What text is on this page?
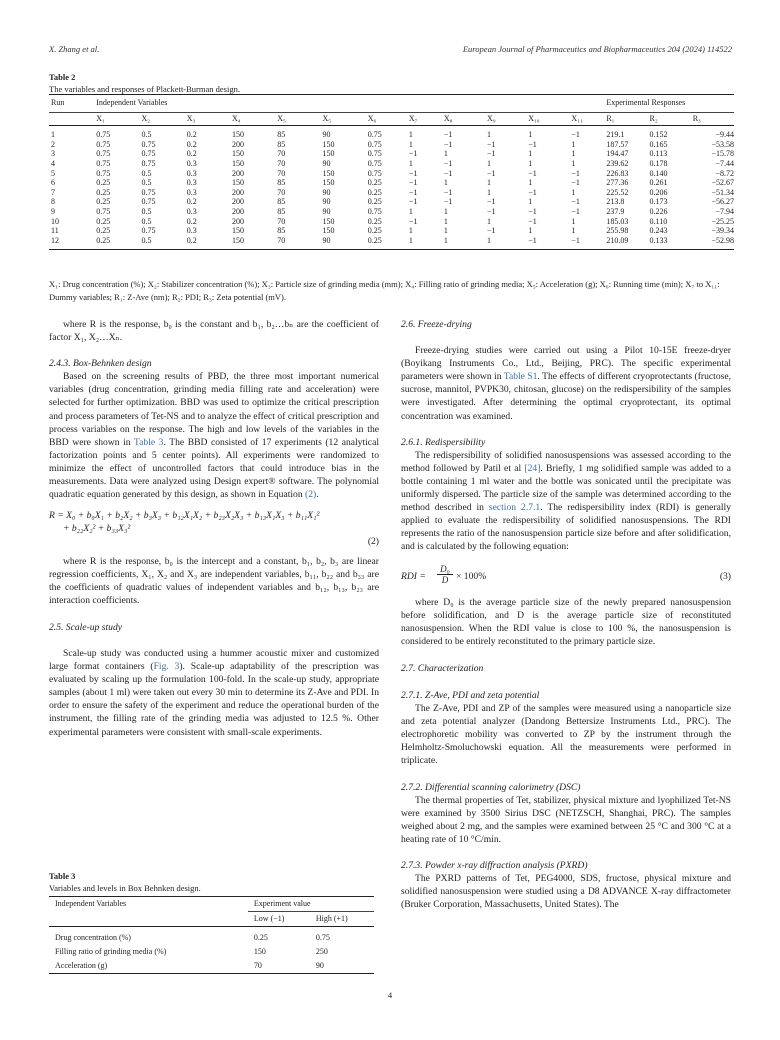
X. Zhang et al.	European Journal of Pharmaceutics and Biopharmaceutics 204 (2024) 114522
Table 2
The variables and responses of Plackett-Burman design.
Run	Independent Variables												Experimental Responses		
	X₁	X₂	X₃	X₄	X₅	X₅	X₆	X₇	X₈	X₉	X₁₀	X₁₁	R₁	R₂	R₃
1	0.75	0.5	0.2	150	85	90	0.75	1	−1	1	1	−1	219.1	0.152	−9.44
2	0.75	0.75	0.2	200	85	150	0.75	1	−1	−1	−1	1	187.57	0.165	−53.58
3	0.75	0.75	0.2	150	70	150	0.75	−1	1	−1	1	1	194.47	0.113	−15.78
4	0.75	0.75	0.3	150	70	90	0.75	1	−1	1	1	1	239.62	0.178	−7.44
5	0.75	0.5	0.3	200	70	150	0.75	−1	−1	−1	−1	−1	226.83	0.140	−8.72
6	0.25	0.5	0.3	150	85	150	0.25	−1	1	1	1	−1	277.36	0.261	−52.67
7	0.25	0.75	0.3	200	70	90	0.25	−1	−1	1	−1	1	225.52	0.206	−51.34
8	0.25	0.75	0.2	200	85	90	0.25	−1	−1	−1	1	−1	213.8	0.173	−56.27
9	0.75	0.5	0.3	200	85	90	0.75	1	1	−1	−1	−1	237.9	0.226	−7.94
10	0.25	0.5	0.2	200	70	150	0.25	−1	1	1	−1	1	185.03	0.110	−25.25
11	0.25	0.75	0.3	150	85	150	0.25	1	1	−1	1	1	255.98	0.243	−39.34
12	0.25	0.5	0.2	150	70	90	0.25	1	1	1	−1	−1	210.09	0.133	−52.98
X₁: Drug concentration (%); X₂: Stabilizer concentration (%); X₃: Particle size of grinding media (mm); X₄: Filling ratio of grinding media; X₅: Acceleration (g); X₆: Running time (min); X₇ to X₁₁: Dummy variables; R₁: Z-Ave (nm); R₂: PDI; R₃: Zeta potential (mV).

where R is the response, b₀ is the constant and b₁, b₂…bₙ are the coefficient of factor X₁, X₂…Xₙ.

2.4.3. Box-Behnken design

Based on the screening results of PBD, the three most important numerical variables (drug concentration, grinding media filling rate and acceleration) were selected for further optimization. BBD was used to optimize the critical prescription and process parameters of Tet-NS and to analyze the effect of critical prescription and process variables on the response. The high and low levels of the variables in the BBD were shown in Table 3. The BBD consisted of 17 experiments (12 analytical factorization points and 5 center points). All experiments were randomized to minimize the effect of uncontrolled factors that could introduce bias in the measurements. Data were analyzed using Design expert® software. The polynomial quadratic equation generated by this design, as shown in Equation (2).

R = X₀ + b₀X₁ + b₂X₂ + b₃X₃ + b₁₂X₁X₂ + b₂₃X₂X₃ + b₁₃X₁X₃ + b₁₁X₁²
+ b₂₂X₂² + b₃₃X₃²
(2)

where R is the response, b₀ is the intercept and a constant, b₁, b₂, b₃ are linear regression coefficients, X₁, X₂ and X₃ are independent variables, b₁₁, b₂₂ and b₃₃ are the coefficients of quadratic values of independent variables and b₁₂, b₁₃, b₂₃ are interaction coefficients.

2.5. Scale-up study

Scale-up study was conducted using a hummer acoustic mixer and customized large format containers (Fig. 3). Scale-up adaptability of the prescription was evaluated by scaling up the formulation 100-fold. In the scale-up study, appropriate samples (about 1 ml) were taken out every 30 min to determine its Z-Ave and PDI. In order to ensure the safety of the experiment and reduce the operational burden of the instrument, the filling rate of the grinding media was adjusted to 12.5 %. Other experimental parameters were consistent with small-scale experiments.

Table 3
Variables and levels in Box Behnken design.
Independent Variables	Experiment value	
	Low (−1)	High (+1)
Drug concentration (%)	0.25	0.75
Filling ratio of grinding media (%)	150	250
Acceleration (g)	70	90

2.6. Freeze-drying

Freeze-drying studies were carried out using a Pilot 10-15E freeze-dryer (Boyikang Instruments Co., Ltd., Beijing, PRC). The specific experimental parameters were shown in Table S1. The effects of different cryoprotectants (fructose, sucrose, mannitol, PVPK30, chitosan, glucose) on the redispersibility of the samples were investigated. After determining the optimal cryoprotectant, its optimal concentration was examined.

2.6.1. Redispersibility

The redispersibility of solidified nanosuspensions was assessed according to the method followed by Patil et al [24]. Briefly, 1 mg solidified sample was added to a bottle containing 1 ml water and the bottle was sonicated until the precipitate was uniformly dispersed. The particle size of the sample was determined according to the method described in section 2.7.1. The redispersibility index (RDI) is generally applied to evaluate the redispersibility of solidified nanosuspensions. The RDI represents the ratio of the nanosuspension particle size before and after solidification, and is calculated by the following equation:

RDI = $\frac{\text{D₀}}{D} \times 100\%$	(3)

where D₀ is the average particle size of the newly prepared nanosuspension before solidification, and D is the average particle size of reconstituted nanosuspension. When the RDI value is close to 100 %, the nanosuspension is considered to be entirely reconstituted to the primary particle size.

2.7. Characterization

2.7.1. Z-Ave, PDI and zeta potential

The Z-Ave, PDI and ZP of the samples were measured using a nanoparticle size and zeta potential analyzer (Dandong Bettersize Instruments Ltd., PRC). The electrophoretic mobility was converted to ZP by the instrument through the Helmholtz-Smoluchowski equation. All the measurements were performed in triplicate.

2.7.2. Differential scanning calorimetry (DSC)

The thermal properties of Tet, stabilizer, physical mixture and lyophilized Tet-NS were examined by 3500 Sirius DSC (NETZSCH, Shanghai, PRC). The samples weighed about 2 mg, and the samples were examined between 25 °C and 300 °C at a heating rate of 10 °C/min.

2.7.3. Powder x-ray diffraction analysis (PXRD)

The PXRD patterns of Tet, PEG4000, SDS, fructose, physical mixture and solidified nanosuspension were studied using a D8 ADVANCE X-ray diffractometer (Bruker Corporation, Massachusetts, United States). The

4
